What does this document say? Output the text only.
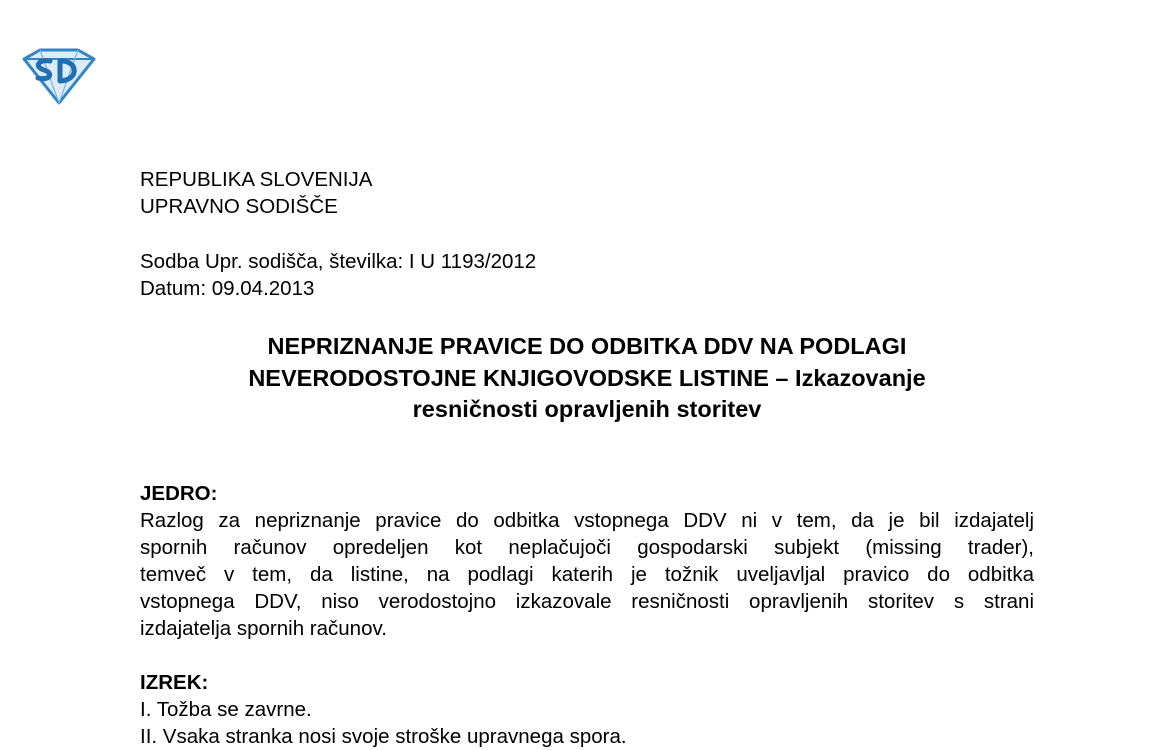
REPUBLIKA SLOVENIJA
UPRAVNO SODIŠČE
Sodba Upr. sodišča, številka: I U 1193/2012
Datum: 09.04.2013
NEPRIZNANJE PRAVICE DO ODBITKA DDV NA PODLAGI
NEVERODOSTOJNE KNJIGOVODSKE LISTINE – Izkazovanje
resničnosti opravljenih storitev
JEDRO:
Razlog za nepriznanje pravice do odbitka vstopnega DDV ni v tem, da je bil izdajatelj
spornih računov opredeljen kot neplačujoči gospodarski subjekt (missing trader),
temveč v tem, da listine, na podlagi katerih je tožnik uveljavljal pravico do odbitka
vstopnega DDV, niso verodostojno izkazovale resničnosti opravljenih storitev s strani
izdajatelja spornih računov.
IZREK:
I. Tožba se zavrne.
II. Vsaka stranka nosi svoje stroške upravnega spora.
